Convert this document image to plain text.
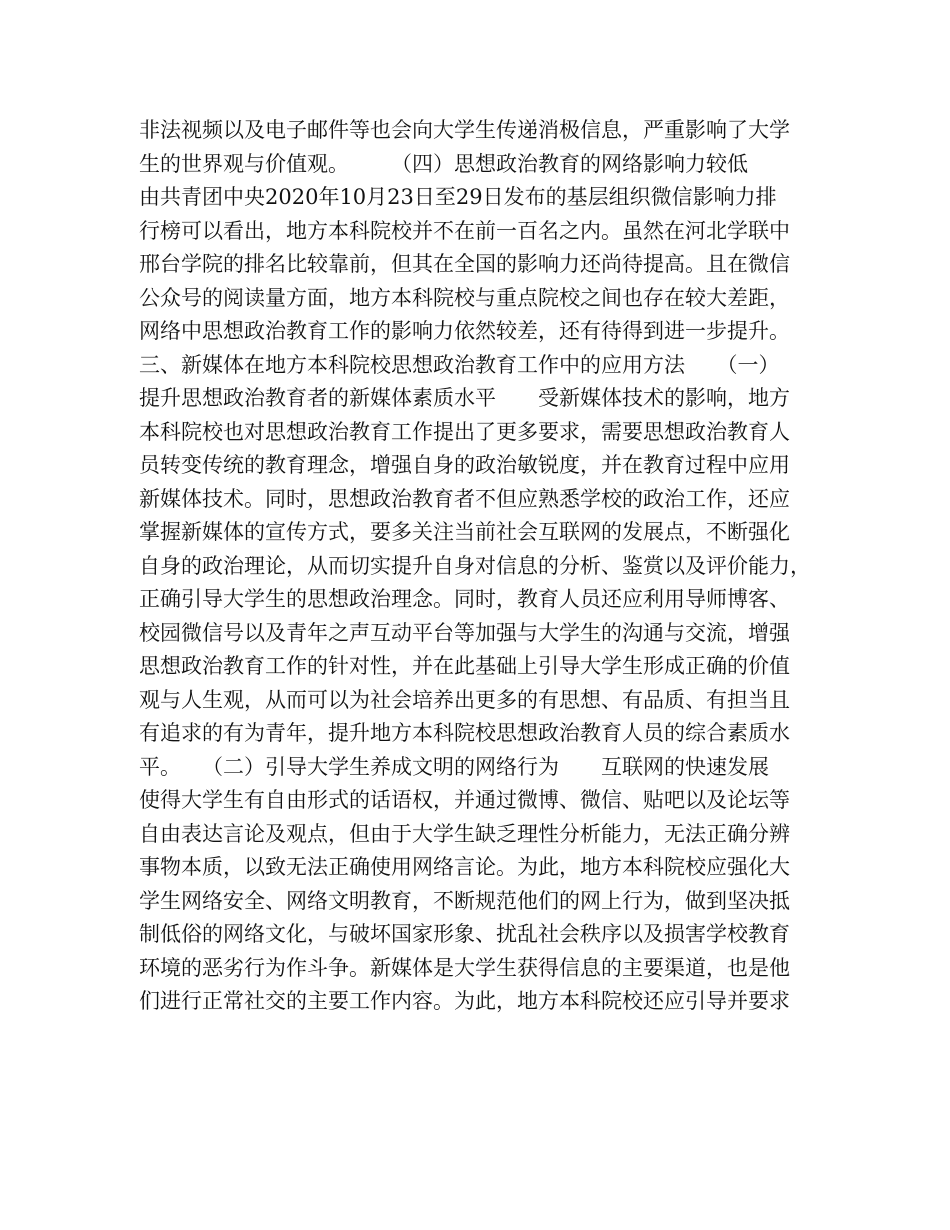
非法视频以及电子邮件等也会向大学生传递消极信息，严重影响了大学
生的世界观与价值观。　　　（四）思想政治教育的网络影响力较低
由共青团中央2020年10月23日至29日发布的基层组织微信影响力排
行榜可以看出，地方本科院校并不在前一百名之内。虽然在河北学联中
邢台学院的排名比较靠前，但其在全国的影响力还尚待提高。且在微信
公众号的阅读量方面，地方本科院校与重点院校之间也存在较大差距，
网络中思想政治教育工作的影响力依然较差，还有待得到进一步提升。
三、新媒体在地方本科院校思想政治教育工作中的应用方法　　（一）
提升思想政治教育者的新媒体素质水平　　受新媒体技术的影响，地方
本科院校也对思想政治教育工作提出了更多要求，需要思想政治教育人
员转变传统的教育理念，增强自身的政治敏锐度，并在教育过程中应用
新媒体技术。同时，思想政治教育者不但应熟悉学校的政治工作，还应
掌握新媒体的宣传方式，要多关注当前社会互联网的发展点，不断强化
自身的政治理论，从而切实提升自身对信息的分析、鉴赏以及评价能力，
正确引导大学生的思想政治理念。同时，教育人员还应利用导师博客、
校园微信号以及青年之声互动平台等加强与大学生的沟通与交流，增强
思想政治教育工作的针对性，并在此基础上引导大学生形成正确的价值
观与人生观，从而可以为社会培养出更多的有思想、有品质、有担当且
有追求的有为青年，提升地方本科院校思想政治教育人员的综合素质水
平。　　（二）引导大学生养成文明的网络行为　　互联网的快速发展
使得大学生有自由形式的话语权，并通过微博、微信、贴吧以及论坛等
自由表达言论及观点，但由于大学生缺乏理性分析能力，无法正确分辨
事物本质，以致无法正确使用网络言论。为此，地方本科院校应强化大
学生网络安全、网络文明教育，不断规范他们的网上行为，做到坚决抵
制低俗的网络文化，与破坏国家形象、扰乱社会秩序以及损害学校教育
环境的恶劣行为作斗争。新媒体是大学生获得信息的主要渠道，也是他
们进行正常社交的主要工作内容。为此，地方本科院校还应引导并要求
